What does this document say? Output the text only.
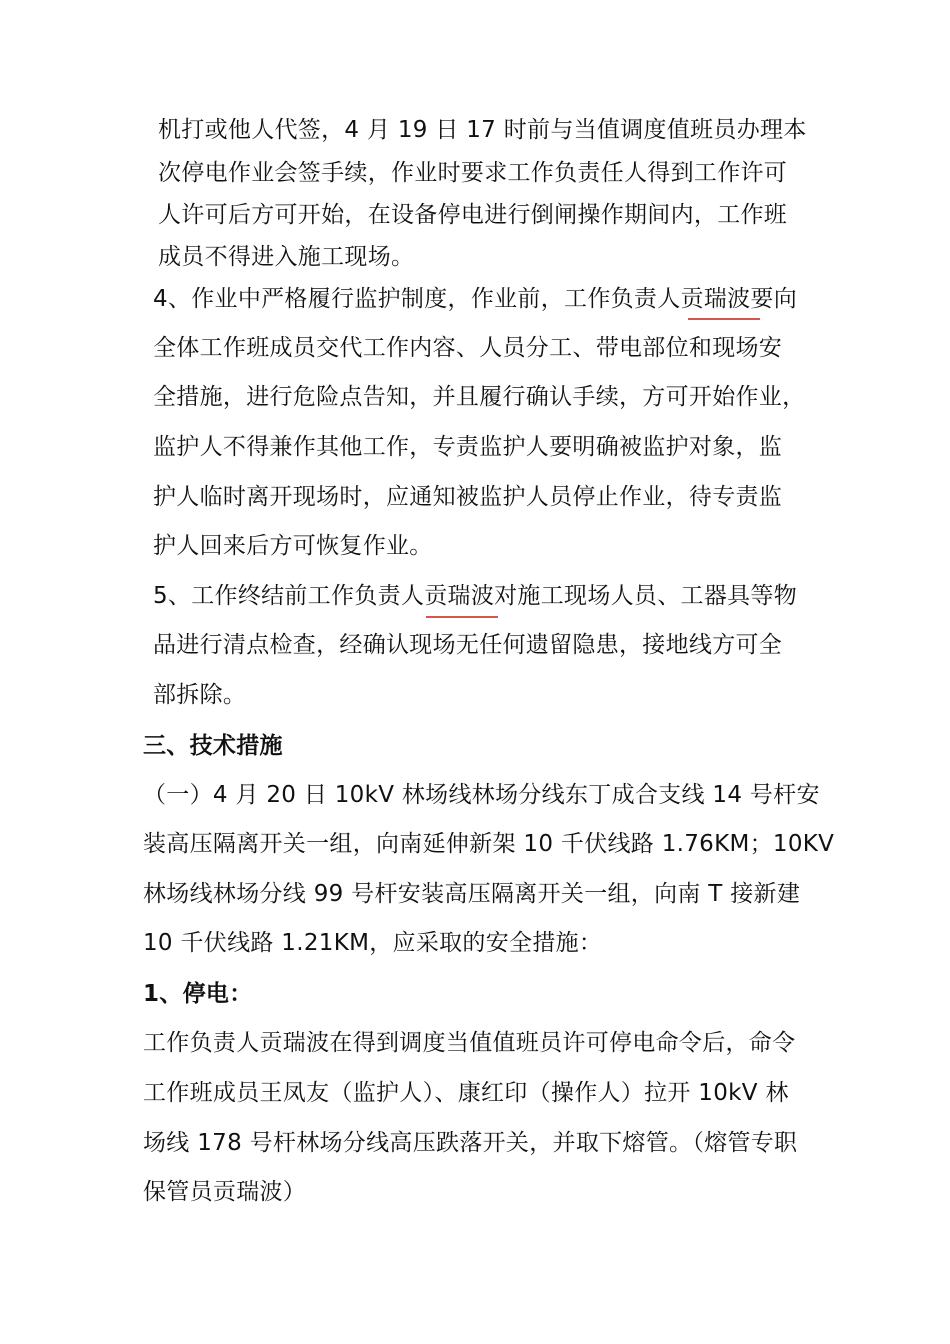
机打或他人代签，4 月 19 日 17 时前与当值调度值班员办理本
次停电作业会签手续，作业时要求工作负责任人得到工作许可
人许可后方可开始，在设备停电进行倒闸操作期间内，工作班
成员不得进入施工现场。
4、作业中严格履行监护制度，作业前，工作负责人贡瑞波要向
全体工作班成员交代工作内容、人员分工、带电部位和现场安
全措施，进行危险点告知，并且履行确认手续，方可开始作业，
监护人不得兼作其他工作，专责监护人要明确被监护对象，监
护人临时离开现场时，应通知被监护人员停止作业，待专责监
护人回来后方可恢复作业。
5、工作终结前工作负责人贡瑞波对施工现场人员、工器具等物
品进行清点检查，经确认现场无任何遗留隐患，接地线方可全
部拆除。
三、技术措施
（一）4 月 20 日 10kV 林场线林场分线东丁成合支线 14 号杆安
装高压隔离开关一组，向南延伸新架 10 千伏线路 1.76KM；10KV
林场线林场分线 99 号杆安装高压隔离开关一组，向南 T 接新建
10 千伏线路 1.21KM，应采取的安全措施：
1、停电：
工作负责人贡瑞波在得到调度当值值班员许可停电命令后，命令
工作班成员王凤友（监护人）、康红印（操作人）拉开 10kV 林
场线 178 号杆林场分线高压跌落开关，并取下熔管。（熔管专职
保管员贡瑞波）
